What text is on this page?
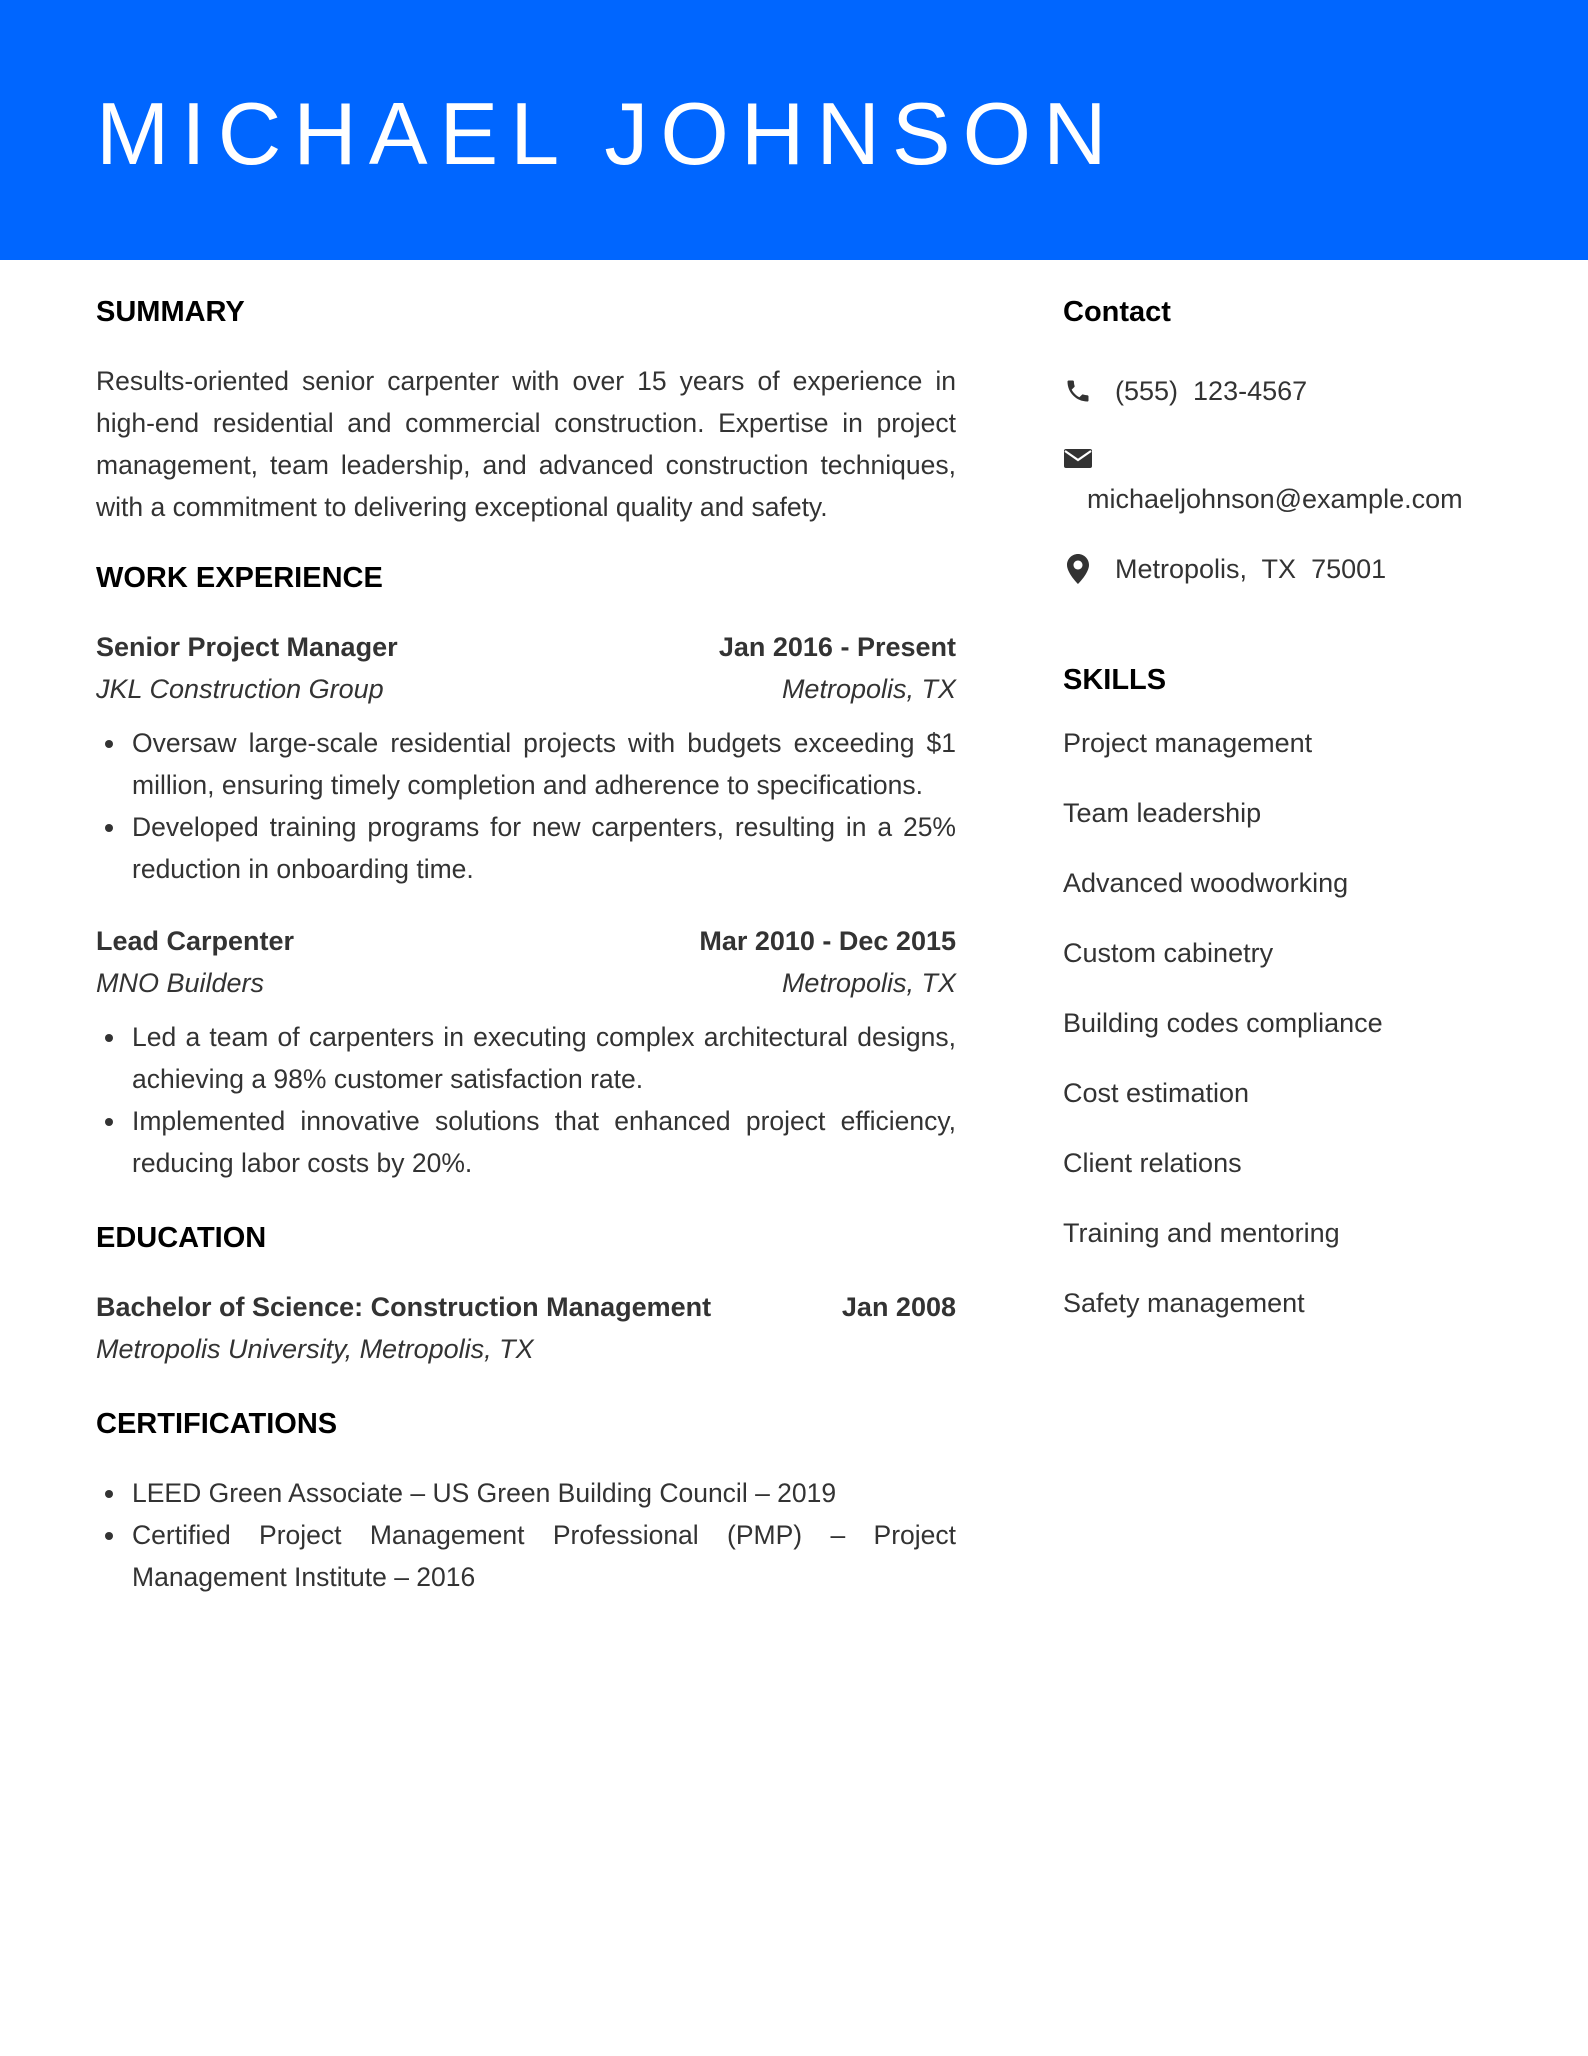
MICHAEL JOHNSON
SUMMARY

Results-oriented senior carpenter with over 15 years of experience in high-end residential and commercial construction. Expertise in project management, team leadership, and advanced construction techniques, with a commitment to delivering exceptional quality and safety.

WORK EXPERIENCE
Senior Project Manager	Jan 2016 - Present
JKL Construction Group	Metropolis, TX
Oversaw large-scale residential projects with budgets exceeding $1 million, ensuring timely completion and adherence to specifications.
Developed training programs for new carpenters, resulting in a 25% reduction in onboarding time.
Lead Carpenter	Mar 2010 - Dec 2015
MNO Builders	Metropolis, TX
Led a team of carpenters in executing complex architectural designs, achieving a 98% customer satisfaction rate.
Implemented innovative solutions that enhanced project efficiency, reducing labor costs by 20%.
EDUCATION
Bachelor of Science: Construction Management	Jan 2008
Metropolis University, Metropolis, TX
CERTIFICATIONS
LEED Green Associate – US Green Building Council – 2019
Certified Project Management Professional (PMP) – Project Management Institute – 2016
Contact
(555)  123-4567
michaeljohnson@example.com
Metropolis,  TX  75001
SKILLS
Project management
Team leadership
Advanced woodworking
Custom cabinetry
Building codes compliance
Cost estimation
Client relations
Training and mentoring
Safety management
